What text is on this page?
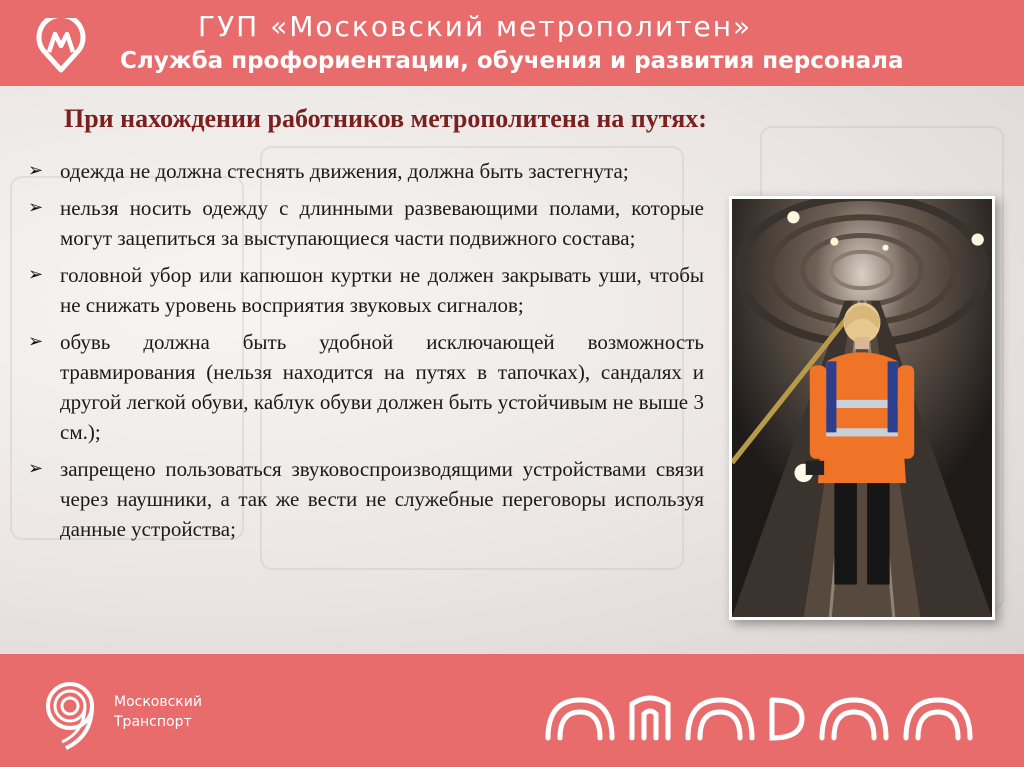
ГУП «Московский метрополитен»
Служба профориентации, обучения и развития персонала
При нахождении работников метрополитена на путях:
➢ одежда не должна стеснять движения, должна быть застегнута;
➢ нельзя носить одежду с длинными развевающими полами, которые могут зацепиться за выступающиеся части подвижного состава;
➢ головной убор или капюшон куртки не должен закрывать уши, чтобы не снижать уровень восприятия звуковых сигналов;
➢ обувь должна быть удобной исключающей возможность травмирования (нельзя находится на путях в тапочках), сандалях и другой легкой обуви, каблук обуви должен быть устойчивым не выше 3 см.);
➢ запрещено пользоваться звуковоспроизводящими устройствами связи через наушники, а так же вести не служебные переговоры используя данные устройства;
Московский
Транспорт
